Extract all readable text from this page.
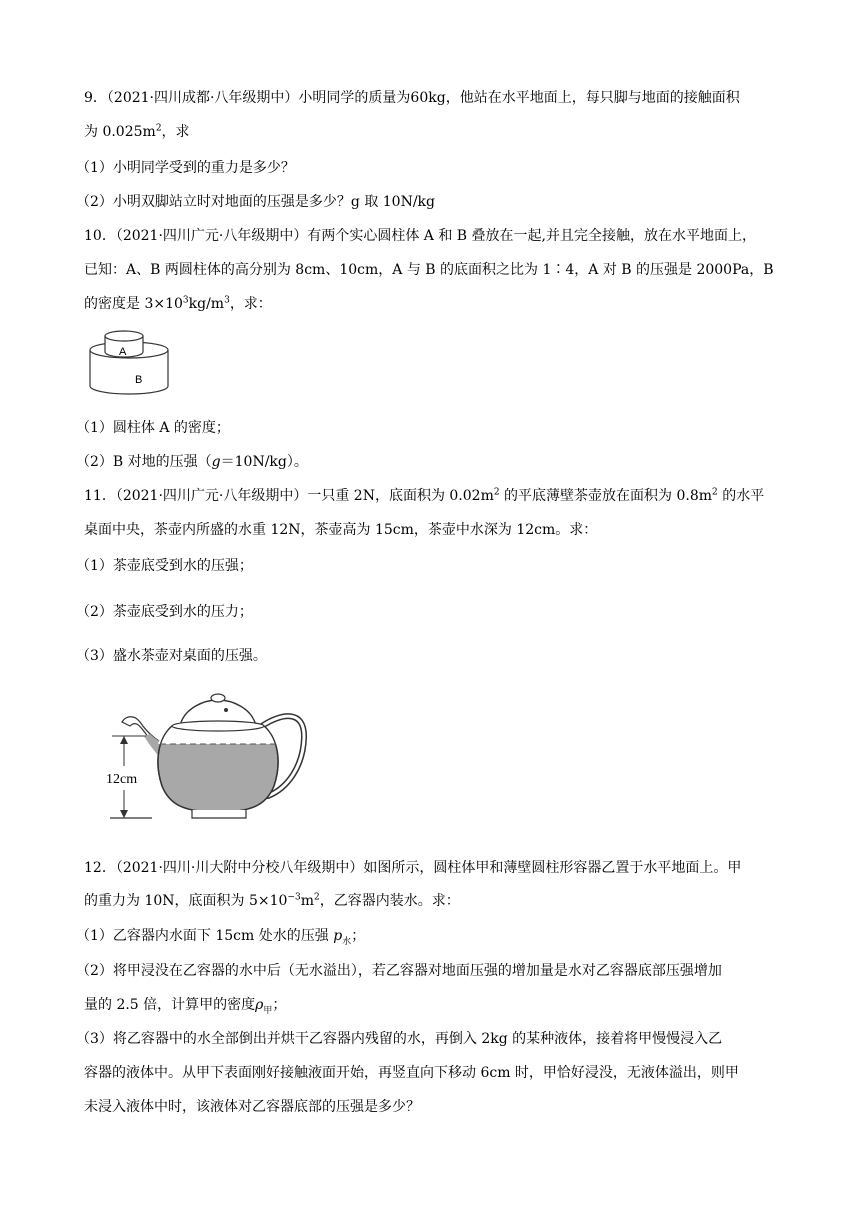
9．（2021·四川成都·八年级期中）小明同学的质量为60kg，他站在水平地面上，每只脚与地面的接触面积
为 $0.025m^2$，求
（1）小明同学受到的重力是多少？
（2）小明双脚站立时对地面的压强是多少？g 取 10N/kg
10．（2021·四川广元·八年级期中）有两个实心圆柱体 A 和 B 叠放在一起,并且完全接触，放在水平地面上，
已知：A、B 两圆柱体的高分别为 8cm、10cm，A 与 B 的底面积之比为 1∶4，A 对 B 的压强是 2000Pa，B
的密度是 $3\times 10^3kg/m^3$，求：
A
B
（1）圆柱体 A 的密度；
（2）B 对地的压强（g＝10N/kg）。
11．（2021·四川广元·八年级期中）一只重 2N，底面积为 $0.02m^2$ 的平底薄壁茶壶放在面积为 $0.8m^2$ 的水平
桌面中央，茶壶内所盛的水重 12N，茶壶高为 15cm，茶壶中水深为 12cm。求：
（1）茶壶底受到水的压强；
（2）茶壶底受到水的压力；
（3）盛水茶壶对桌面的压强。
12cm
12．（2021·四川·川大附中分校八年级期中）如图所示，圆柱体甲和薄壁圆柱形容器乙置于水平地面上。甲
的重力为 10N，底面积为 $5\times 10^{-3}m^2$，乙容器内装水。求：
（1）乙容器内水面下 15cm 处水的压强 $p_水$；
（2）将甲浸没在乙容器的水中后（无水溢出），若乙容器对地面压强的增加量是水对乙容器底部压强增加
量的 2.5 倍，计算甲的密度$\rho_甲$；
（3）将乙容器中的水全部倒出并烘干乙容器内残留的水，再倒入 2kg 的某种液体，接着将甲慢慢浸入乙
容器的液体中。从甲下表面刚好接触液面开始，再竖直向下移动 6cm 时，甲恰好浸没，无液体溢出，则甲
未浸入液体中时，该液体对乙容器底部的压强是多少？
